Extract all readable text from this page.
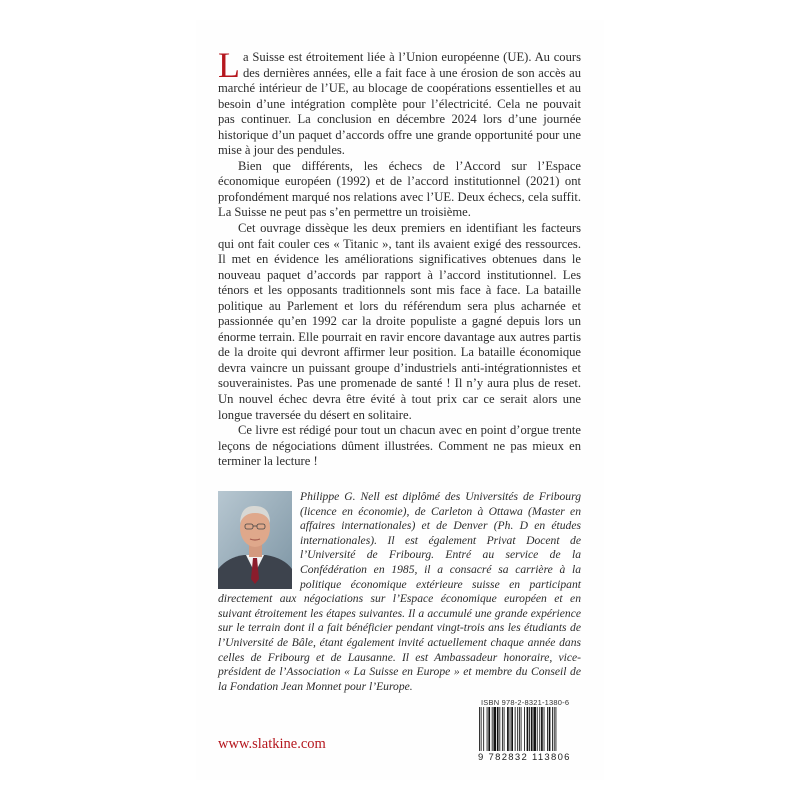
La Suisse est étroitement liée à l’Union européenne (UE). Au cours des dernières années, elle a fait face à une érosion de son accès au marché intérieur de l’UE, au blocage de coopérations essentielles et au besoin d’une intégration complète pour l’électricité. Cela ne pouvait pas continuer. La conclusion en décembre 2024 lors d’une journée historique d’un paquet d’accords offre une grande opportunité pour une mise à jour des pendules.

Bien que différents, les échecs de l’Accord sur l’Espace économique européen (1992) et de l’accord institutionnel (2021) ont profondément marqué nos relations avec l’UE. Deux échecs, cela suffit. La Suisse ne peut pas s’en permettre un troisième.

Cet ouvrage dissèque les deux premiers en identifiant les facteurs qui ont fait couler ces « Titanic », tant ils avaient exigé des ressources. Il met en évidence les améliorations significatives obtenues dans le nouveau paquet d’accords par rapport à l’accord institutionnel. Les ténors et les opposants traditionnels sont mis face à face. La bataille politique au Parlement et lors du référendum sera plus acharnée et passionnée qu’en 1992 car la droite populiste a gagné depuis lors un énorme terrain. Elle pourrait en ravir encore davantage aux autres partis de la droite qui devront affirmer leur position. La bataille économique devra vaincre un puissant groupe d’industriels anti-intégrationnistes et souverainistes. Pas une promenade de santé ! Il n’y aura plus de reset. Un nouvel échec devra être évité à tout prix car ce serait alors une longue traversée du désert en solitaire.

Ce livre est rédigé pour tout un chacun avec en point d’orgue trente leçons de négociations dûment illustrées. Comment ne pas mieux en terminer la lecture !

Philippe G. Nell est diplômé des Universités de Fribourg (licence en économie), de Carleton à Ottawa (Master en affaires internationales) et de Denver (Ph. D en études internationales). Il est également Privat Docent de l’Université de Fribourg. Entré au service de la Confédération en 1985, il a consacré sa carrière à la politique économique extérieure suisse en participant directement aux négociations sur l’Espace économique européen et en suivant étroitement les étapes suivantes. Il a accumulé une grande expérience sur le terrain dont il a fait bénéficier pendant vingt-trois ans les étudiants de l’Université de Bâle, étant également invité actuellement chaque année dans celles de Fribourg et de Lausanne. Il est Ambassadeur honoraire, vice-président de l’Association « La Suisse en Europe » et membre du Conseil de la Fondation Jean Monnet pour l’Europe.
ISBN 978-2-8321-1380-6
9 782832 113806
www.slatkine.com
